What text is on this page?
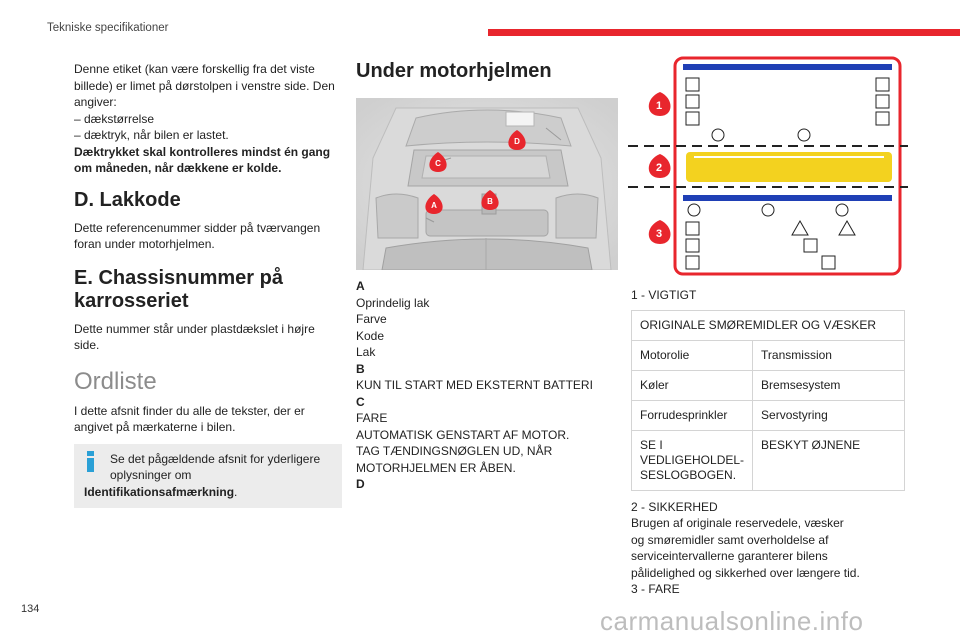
Tekniske specifikationer
Denne etiket (kan være forskellig fra det viste
billede) er limet på dørstolpen i venstre side. Den
angiver:
– dækstørrelse
– dæktryk, når bilen er lastet.
Dæktrykket skal kontrolleres mindst én gang
om måneden, når dækkene er kolde.
D. Lakkode
Dette referencenummer sidder på tværvangen
foran under motorhjelmen.
E. Chassisnummer på
karrosseriet
Dette nummer står under plastdækslet i højre
side.
Ordliste
I dette afsnit finder du alle de tekster, der er
angivet på mærkaterne i bilen.
Se det pågældende afsnit for yderligere
oplysninger om
Identifikationsafmærkning.
Under motorhjelmen
A	B
C
D
A
Oprindelig lak
Farve
Kode
Lak
B
KUN TIL START MED EKSTERNT BATTERI
C
FARE
AUTOMATISK GENSTART AF MOTOR.
TAG TÆNDINGSNØGLEN UD, NÅR
MOTORHJELMEN ER ÅBEN.
D
1
2
3
1 - VIGTIGT
ORIGINALE SMØREMIDLER OG VÆSKER	
Motorolie	Transmission
Køler	Bremsesystem
Forrudesprinkler	Servostyring

SE I
VEDLIGEHOLDEL-
SESLOGBOGEN.	BESKYT ØJNENE
2 - SIKKERHED
Brugen af originale reservedele, væsker
og smøremidler samt overholdelse af
serviceintervallerne garanterer bilens
pålidelighed og sikkerhed over længere tid.
3 - FARE
134	carmanualsonline.info
